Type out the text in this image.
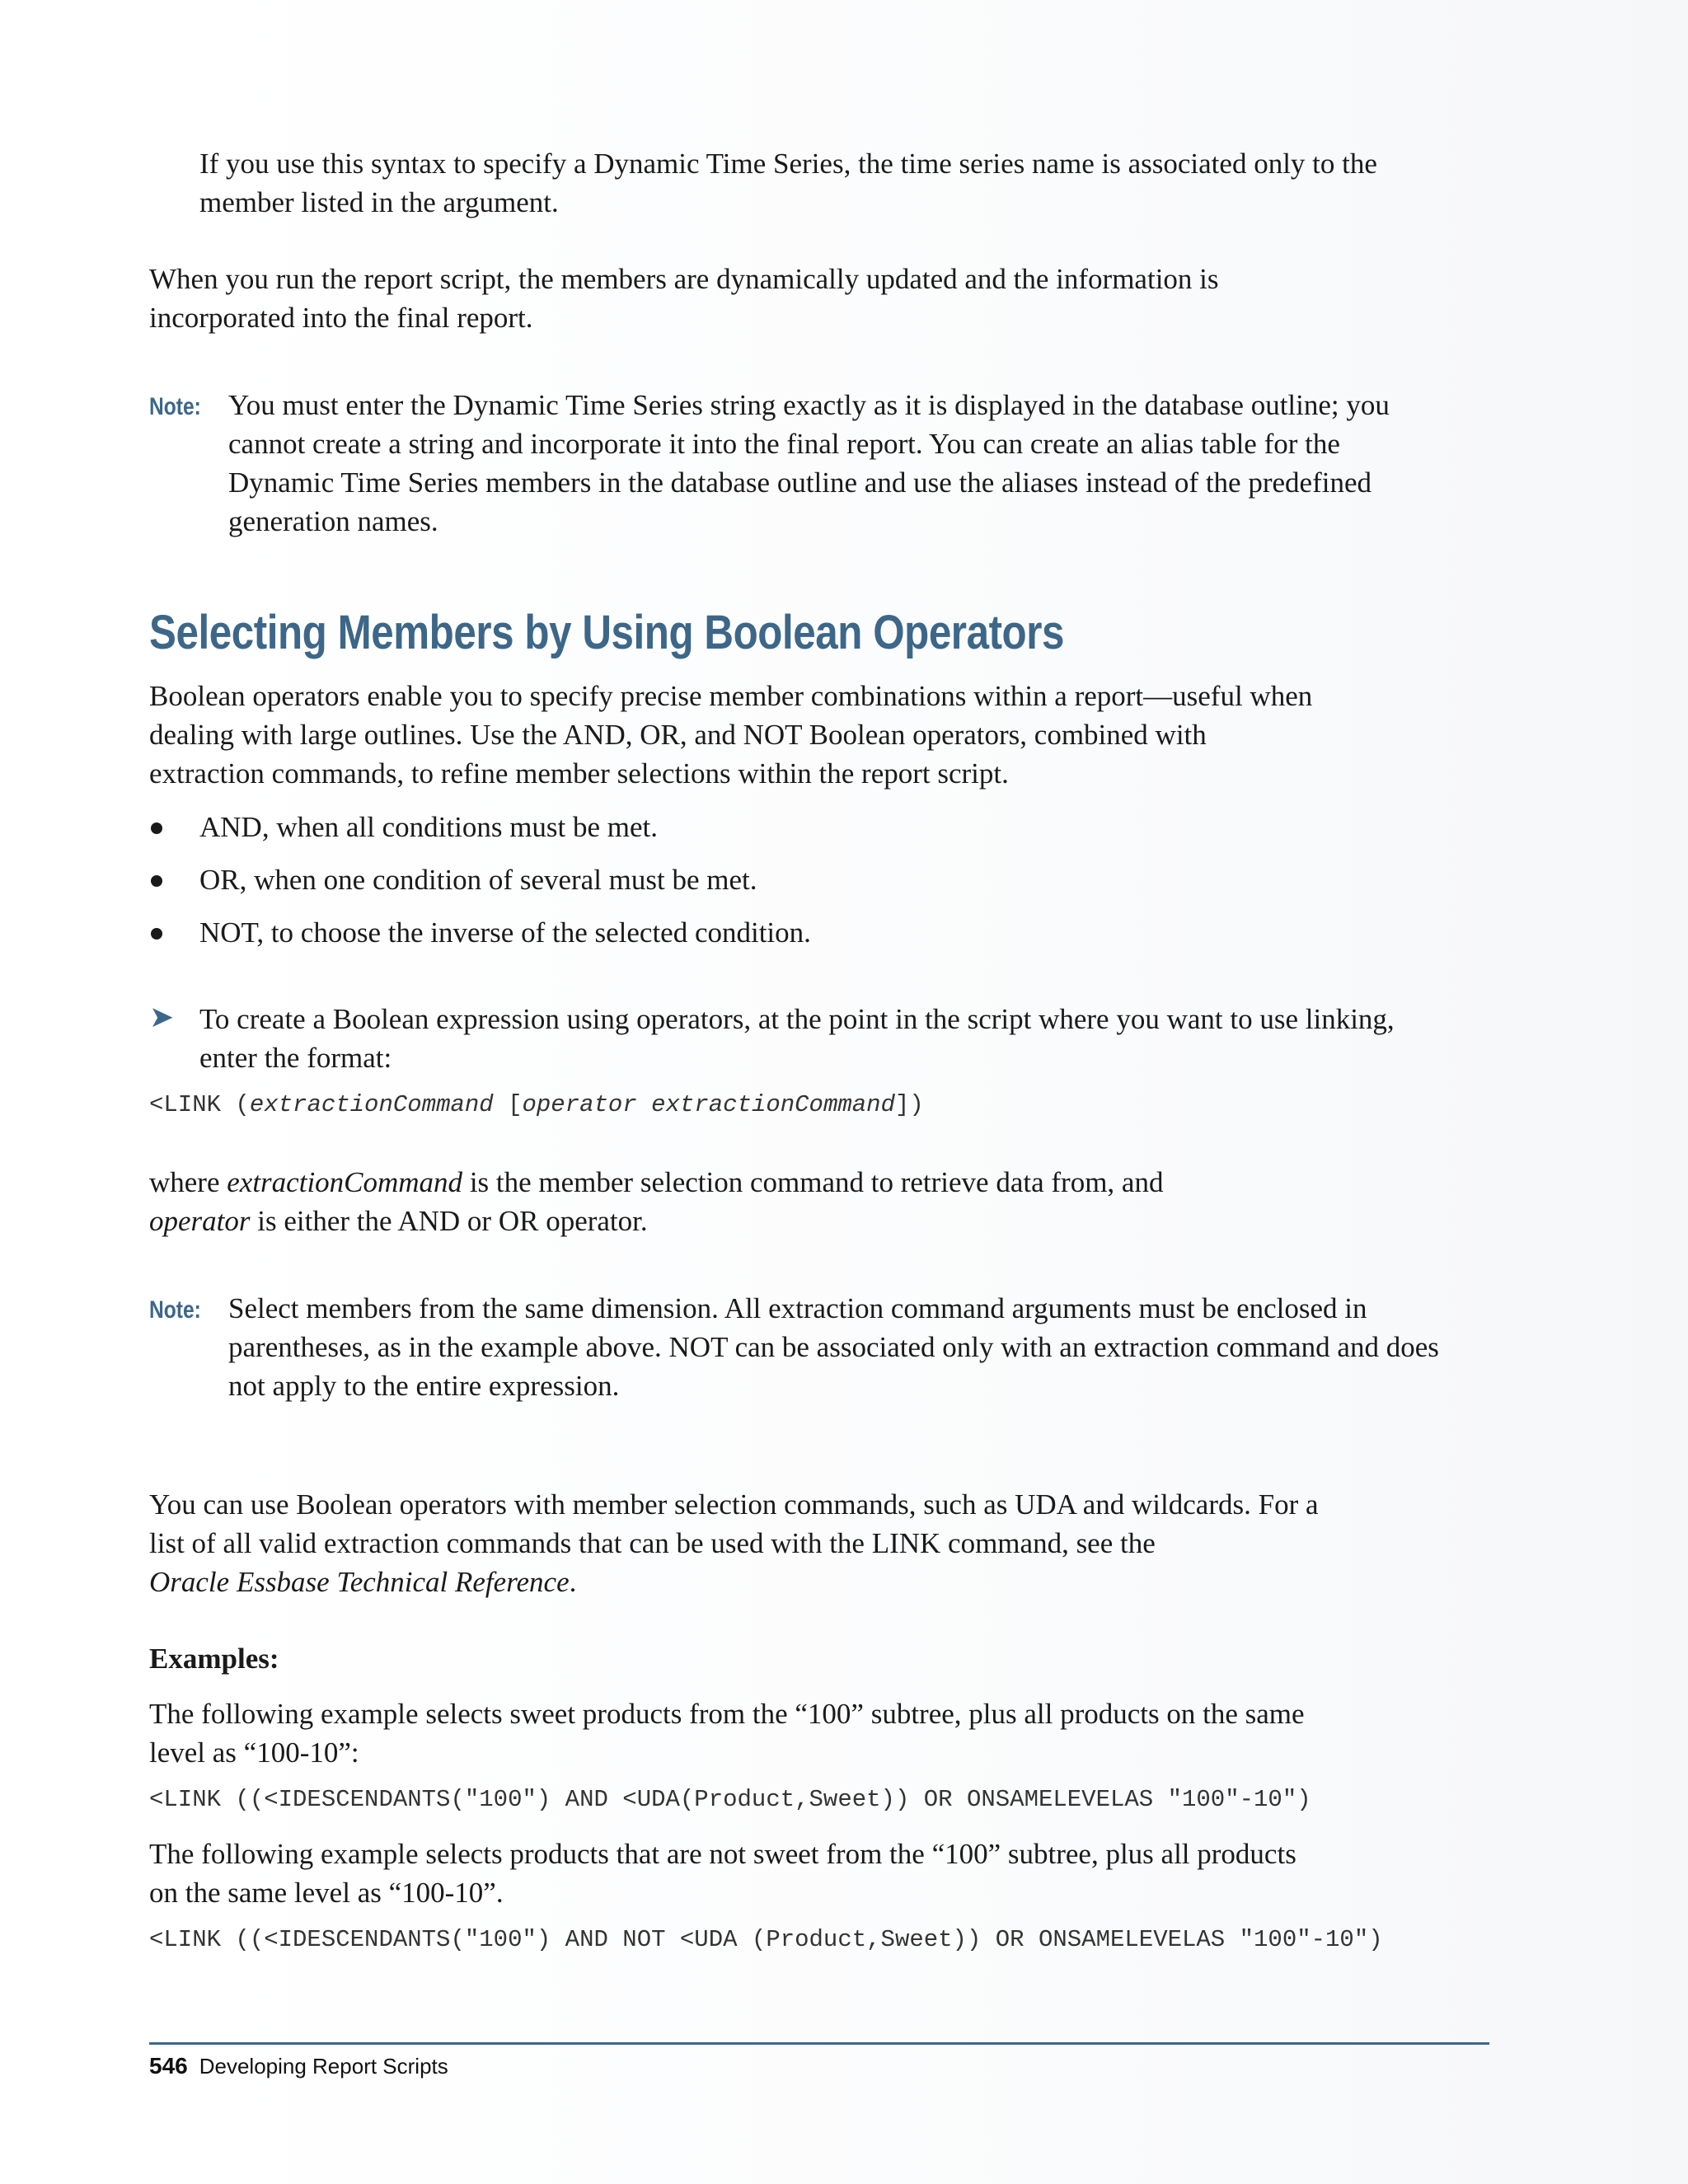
If you use this syntax to specify a Dynamic Time Series, the time series name is associated only to the member listed in the argument.

When you run the report script, the members are dynamically updated and the information is incorporated into the final report.

Note: You must enter the Dynamic Time Series string exactly as it is displayed in the database outline; you cannot create a string and incorporate it into the final report. You can create an alias table for the Dynamic Time Series members in the database outline and use the aliases instead of the predefined generation names.

Selecting Members by Using Boolean Operators

Boolean operators enable you to specify precise member combinations within a report—useful when dealing with large outlines. Use the AND, OR, and NOT Boolean operators, combined with extraction commands, to refine member selections within the report script.

AND, when all conditions must be met.
OR, when one condition of several must be met.
NOT, to choose the inverse of the selected condition.
➤ To create a Boolean expression using operators, at the point in the script where you want to use linking, enter the format:

<LINK (extractionCommand [operator extractionCommand])

where extractionCommand is the member selection command to retrieve data from, and
operator is either the AND or OR operator.

Note: Select members from the same dimension. All extraction command arguments must be enclosed in parentheses, as in the example above. NOT can be associated only with an extraction command and does not apply to the entire expression.

You can use Boolean operators with member selection commands, such as UDA and wildcards. For a list of all valid extraction commands that can be used with the LINK command, see the
Oracle Essbase Technical Reference.

Examples:

The following example selects sweet products from the “100” subtree, plus all products on the same level as “100-10”:

<LINK ((<IDESCENDANTS("100") AND <UDA(Product,Sweet)) OR ONSAMELEVELAS "100"-10")

The following example selects products that are not sweet from the “100” subtree, plus all products on the same level as “100-10”.

<LINK ((<IDESCENDANTS("100") AND NOT <UDA (Product,Sweet)) OR ONSAMELEVELAS "100"-10")
546 Developing Report Scripts
